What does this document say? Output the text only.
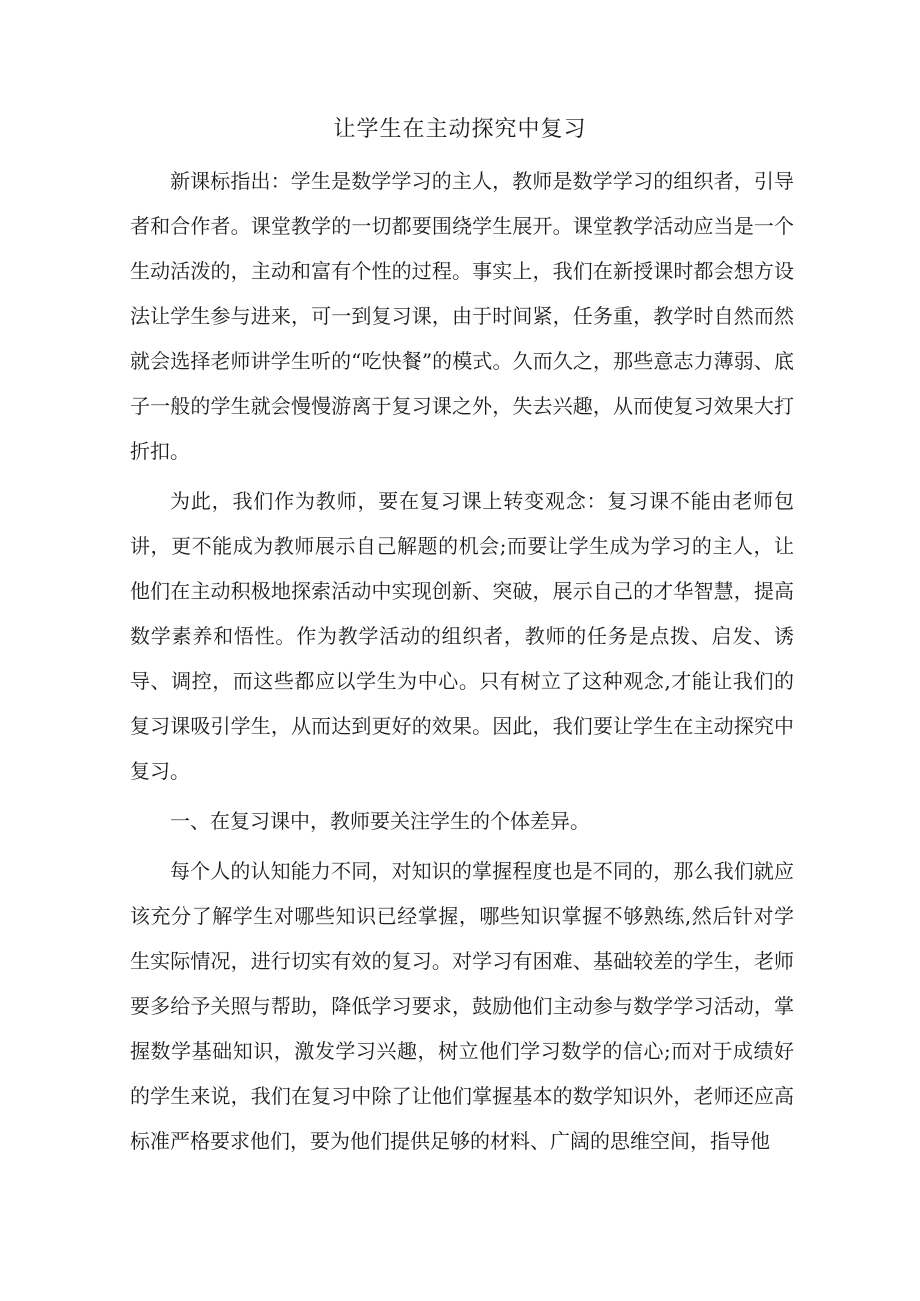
让学生在主动探究中复习

新课标指出：学生是数学学习的主人，教师是数学学习的组织者，引导者和合作者。课堂教学的一切都要围绕学生展开。课堂教学活动应当是一个生动活泼的，主动和富有个性的过程。事实上，我们在新授课时都会想方设法让学生参与进来，可一到复习课，由于时间紧，任务重，教学时自然而然就会选择老师讲学生听的“吃快餐”的模式。久而久之，那些意志力薄弱、底子一般的学生就会慢慢游离于复习课之外，失去兴趣，从而使复习效果大打折扣。

为此，我们作为教师，要在复习课上转变观念：复习课不能由老师包讲，更不能成为教师展示自己解题的机会;而要让学生成为学习的主人，让他们在主动积极地探索活动中实现创新、突破，展示自己的才华智慧，提高数学素养和悟性。作为教学活动的组织者，教师的任务是点拨、启发、诱导、调控，而这些都应以学生为中心。只有树立了这种观念,才能让我们的复习课吸引学生，从而达到更好的效果。因此，我们要让学生在主动探究中复习。

一、在复习课中，教师要关注学生的个体差异。

每个人的认知能力不同，对知识的掌握程度也是不同的，那么我们就应该充分了解学生对哪些知识已经掌握，哪些知识掌握不够熟练,然后针对学生实际情况，进行切实有效的复习。对学习有困难、基础较差的学生，老师要多给予关照与帮助，降低学习要求，鼓励他们主动参与数学学习活动，掌握数学基础知识，激发学习兴趣，树立他们学习数学的信心;而对于成绩好的学生来说，我们在复习中除了让他们掌握基本的数学知识外，老师还应高标准严格要求他们，要为他们提供足够的材料、广阔的思维空间，指导他
